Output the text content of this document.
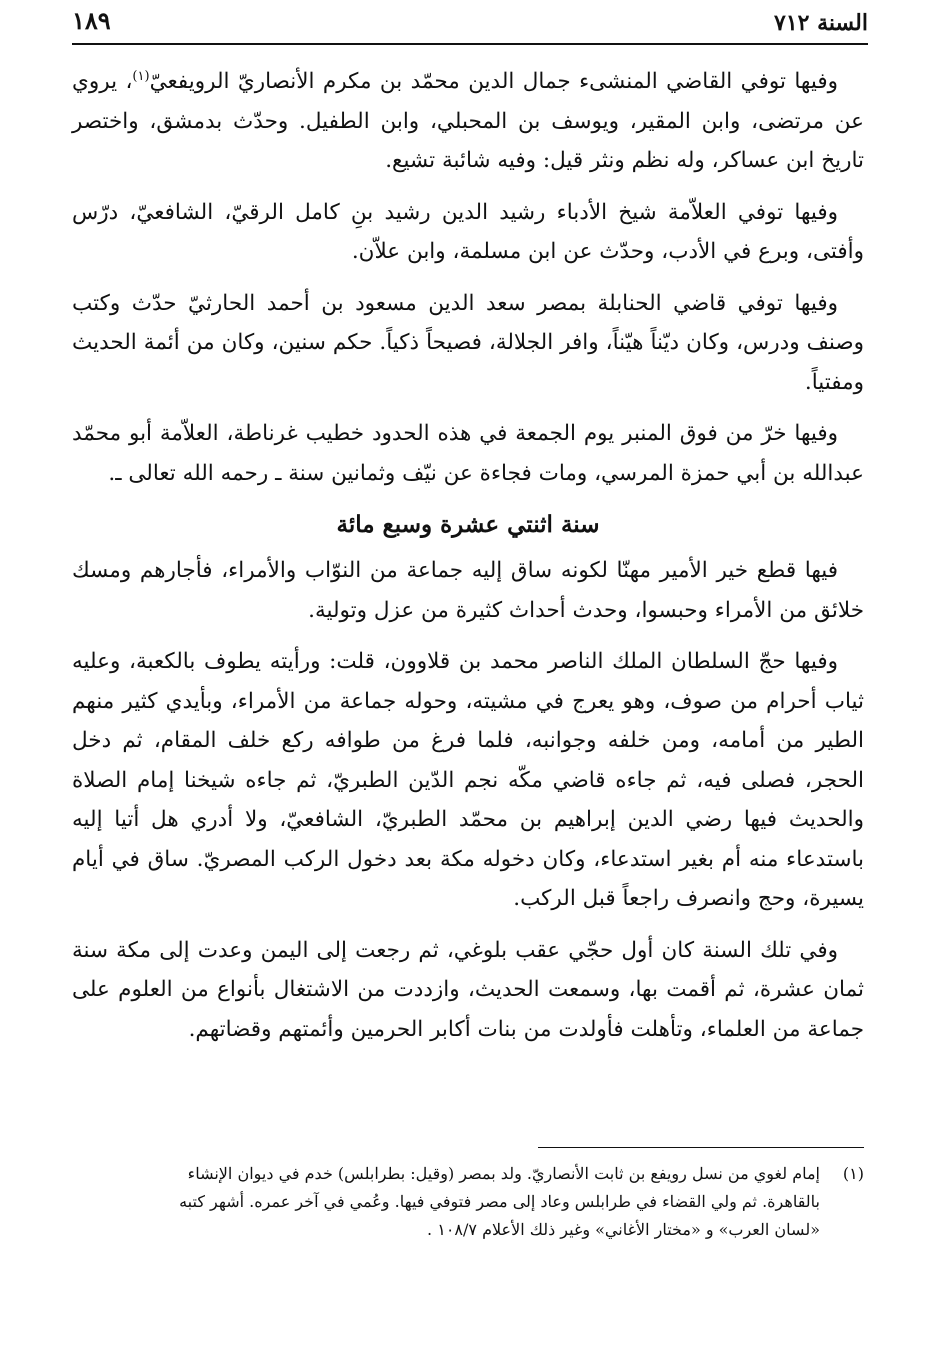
١٨٩	السنة ٧١٢

وفيها توفي القاضي المنشىء جمال الدين محمّد بن مكرم الأنصاريّ الرويفعيّ$^{(١)}$، يروي عن مرتضى، وابن المقير، ويوسف بن المحبلي، وابن الطفيل. وحدّث بدمشق، واختصر تاريخ ابن عساكر، وله نظم ونثر قيل: وفيه شائبة تشيع.

وفيها توفي العلاّمة شيخ الأدباء رشيد الدين رشيد بنِ كامل الرقيّ، الشافعيّ، درّس وأفتى، وبرع في الأدب، وحدّث عن ابن مسلمة، وابن علاّن.

وفيها توفي قاضي الحنابلة بمصر سعد الدين مسعود بن أحمد الحارثيّ حدّث وكتب وصنف ودرس، وكان ديّناً هيّناً، وافر الجلالة، فصيحاً ذكياً. حكم سنين، وكان من أئمة الحديث ومفتياً.

وفيها خرّ من فوق المنبر يوم الجمعة في هذه الحدود خطيب غرناطة، العلاّمة أبو محمّد عبدالله بن أبي حمزة المرسي، ومات فجاءة عن نيّف وثمانين سنة ـ رحمه الله تعالى ـ.

سنة اثنتي عشرة وسبع مائة

فيها قطع خير الأمير مهنّا لكونه ساق إليه جماعة من النوّاب والأمراء، فأجارهم ومسك خلائق من الأمراء وحبسوا، وحدث أحداث كثيرة من عزل وتولية.

وفيها حجّ السلطان الملك الناصر محمد بن قلاوون، قلت: ورأيته يطوف بالكعبة، وعليه ثياب أحرام من صوف، وهو يعرج في مشيته، وحوله جماعة من الأمراء، وبأيدي كثير منهم الطير من أمامه، ومن خلفه وجوانبه، فلما فرغ من طوافه ركع خلف المقام، ثم دخل الحجر، فصلى فيه، ثم جاءه قاضي مكّه نجم الدّين الطبريّ، ثم جاءه شيخنا إمام الصلاة والحديث فيها رضي الدين إبراهيم بن محمّد الطبريّ، الشافعيّ، ولا أدري هل أتيا إليه باستدعاء منه أم بغير استدعاء، وكان دخوله مكة بعد دخول الركب المصريّ. ساق في أيام يسيرة، وحج وانصرف راجعاً قبل الركب.

وفي تلك السنة كان أول حجّي عقب بلوغي، ثم رجعت إلى اليمن وعدت إلى مكة سنة ثمان عشرة، ثم أقمت بها، وسمعت الحديث، وازددت من الاشتغال بأنواع من العلوم على جماعة من العلماء، وتأهلت فأولدت من بنات أكابر الحرمين وأئمتهم وقضاتهم.

(١)إمام لغوي من نسل رويفع بن ثابت الأنصاريّ. ولد بمصر (وقيل: بطرابلس) خدم في ديوان الإنشاء
بالقاهرة. ثم ولي القضاء في طرابلس وعاد إلى مصر فتوفي فيها. وعُمي في آخر عمره. أشهر كتبه
«لسان العرب» و «مختار الأغاني» وغير ذلك الأعلام ١٠٨/٧ .
